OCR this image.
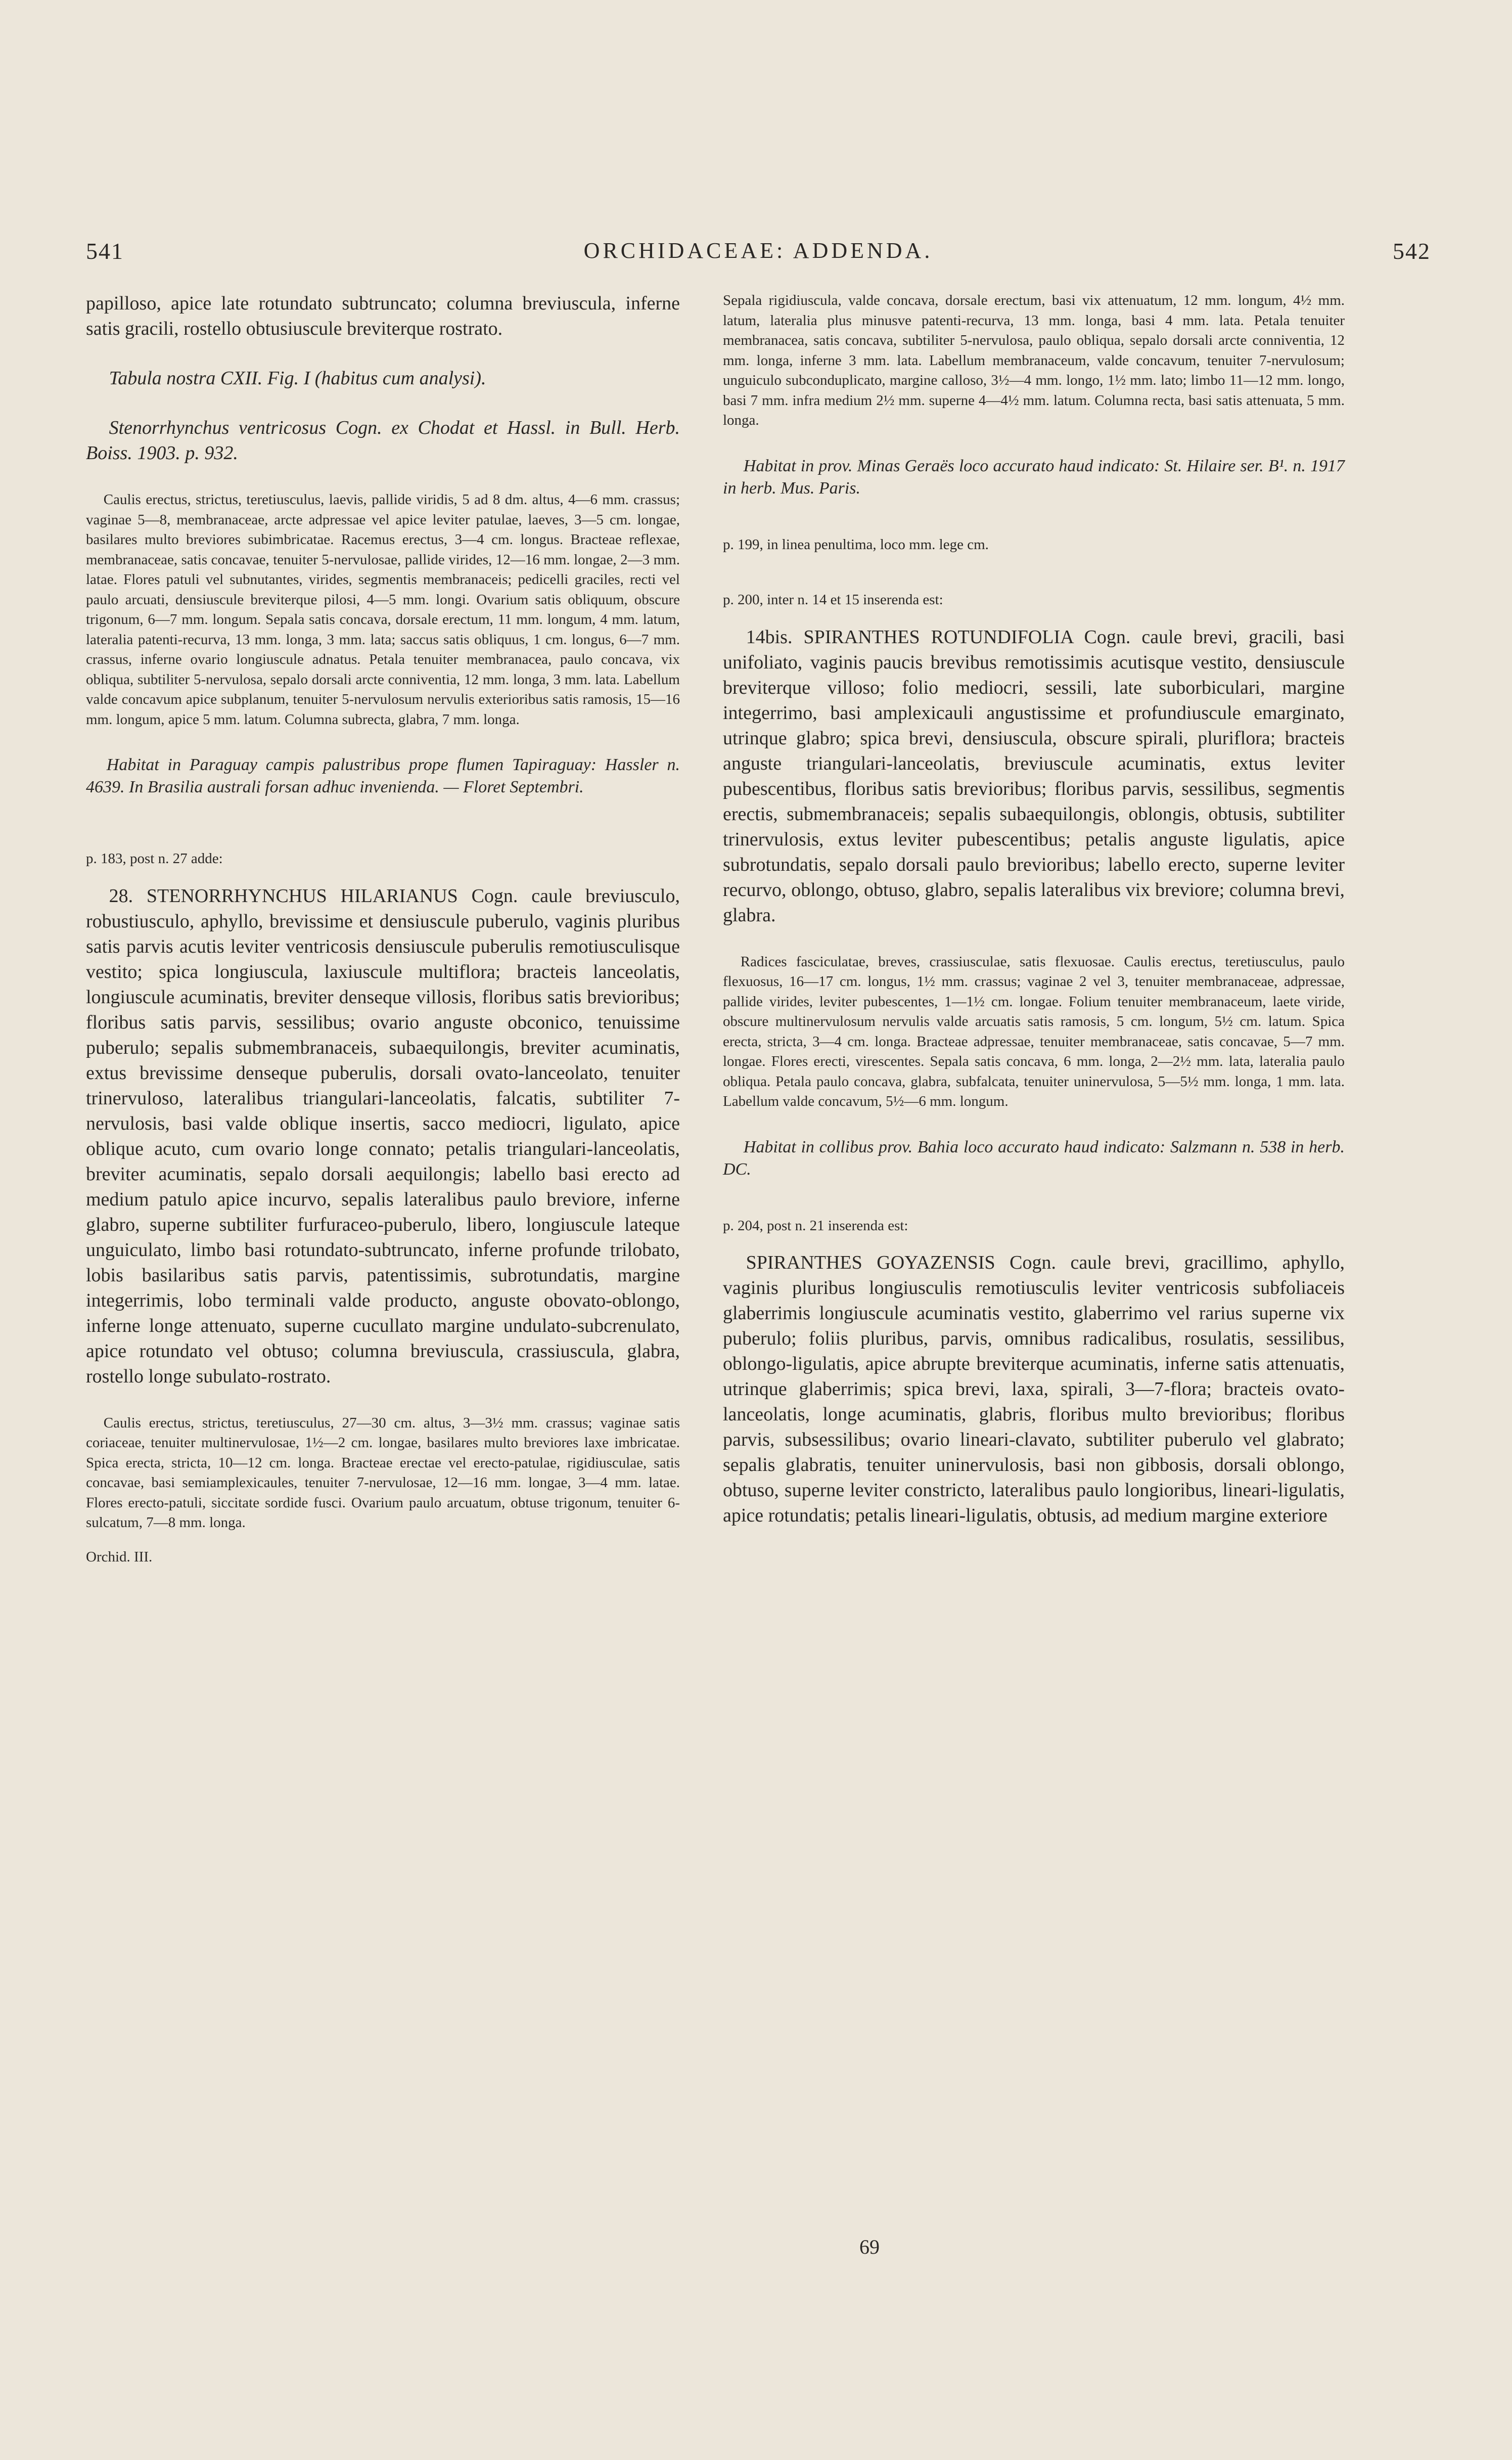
541	ORCHIDACEAE: ADDENDA.	542

papilloso, apice late rotundato subtruncato; columna breviuscula, inferne satis gracili, rostello obtusiuscule breviterque rostrato.

Tabula nostra CXII. Fig. I (habitus cum analysi).

Stenorrhynchus ventricosus Cogn. ex Chodat et Hassl. in Bull. Herb. Boiss. 1903. p. 932.

Caulis erectus, strictus, teretiusculus, laevis, pallide viridis, 5 ad 8 dm. altus, 4—6 mm. crassus; vaginae 5—8, membranaceae, arcte adpressae vel apice leviter patulae, laeves, 3—5 cm. longae, basilares multo breviores subimbricatae. Racemus erectus, 3—4 cm. longus. Bracteae reflexae, membranaceae, satis concavae, tenuiter 5-nervulosae, pallide virides, 12—16 mm. longae, 2—3 mm. latae. Flores patuli vel subnutantes, virides, segmentis membranaceis; pedicelli graciles, recti vel paulo arcuati, densiuscule breviterque pilosi, 4—5 mm. longi. Ovarium satis obliquum, obscure trigonum, 6—7 mm. longum. Sepala satis concava, dorsale erectum, 11 mm. longum, 4 mm. latum, lateralia patenti-recurva, 13 mm. longa, 3 mm. lata; saccus satis obliquus, 1 cm. longus, 6—7 mm. crassus, inferne ovario longiuscule adnatus. Petala tenuiter membranacea, paulo concava, vix obliqua, subtiliter 5-nervulosa, sepalo dorsali arcte conniventia, 12 mm. longa, 3 mm. lata. Labellum valde concavum apice subplanum, tenuiter 5-nervulosum nervulis exterioribus satis ramosis, 15—16 mm. longum, apice 5 mm. latum. Columna subrecta, glabra, 7 mm. longa.

Habitat in Paraguay campis palustribus prope flumen Tapiraguay: Hassler n. 4639. In Brasilia australi forsan adhuc invenienda. — Floret Septembri.

p. 183, post n. 27 adde:

28. STENORRHYNCHUS HILARIANUS Cogn. caule breviusculo, robustiusculo, aphyllo, brevissime et densiuscule puberulo, vaginis pluribus satis parvis acutis leviter ventricosis densiuscule puberulis remotiusculisque vestito; spica longiuscula, laxiuscule multiflora; bracteis lanceolatis, longiuscule acuminatis, breviter denseque villosis, floribus satis brevioribus; floribus satis parvis, sessilibus; ovario anguste obconico, tenuissime puberulo; sepalis submembranaceis, subaequilongis, breviter acuminatis, extus brevissime denseque puberulis, dorsali ovato-lanceolato, tenuiter trinervuloso, lateralibus triangulari-lanceolatis, falcatis, subtiliter 7-nervulosis, basi valde oblique insertis, sacco mediocri, ligulato, apice oblique acuto, cum ovario longe connato; petalis triangulari-lanceolatis, breviter acuminatis, sepalo dorsali aequilongis; labello basi erecto ad medium patulo apice incurvo, sepalis lateralibus paulo breviore, inferne glabro, superne subtiliter furfuraceo-puberulo, libero, longiuscule lateque unguiculato, limbo basi rotundato-subtruncato, inferne profunde trilobato, lobis basilaribus satis parvis, patentissimis, subrotundatis, margine integerrimis, lobo terminali valde producto, anguste obovato-oblongo, inferne longe attenuato, superne cucullato margine undulato-subcrenulato, apice rotundato vel obtuso; columna breviuscula, crassiuscula, glabra, rostello longe subulato-rostrato.

Caulis erectus, strictus, teretiusculus, 27—30 cm. altus, 3—3½ mm. crassus; vaginae satis coriaceae, tenuiter multinervulosae, 1½—2 cm. longae, basilares multo breviores laxe imbricatae. Spica erecta, stricta, 10—12 cm. longa. Bracteae erectae vel erecto-patulae, rigidiusculae, satis concavae, basi semiamplexicaules, tenuiter 7-nervulosae, 12—16 mm. longae, 3—4 mm. latae. Flores erecto-patuli, siccitate sordide fusci. Ovarium paulo arcuatum, obtuse trigonum, tenuiter 6-sulcatum, 7—8 mm. longa.

Orchid. III.

Sepala rigidiuscula, valde concava, dorsale erectum, basi vix attenuatum, 12 mm. longum, 4½ mm. latum, lateralia plus minusve patenti-recurva, 13 mm. longa, basi 4 mm. lata. Petala tenuiter membranacea, satis concava, subtiliter 5-nervulosa, paulo obliqua, sepalo dorsali arcte conniventia, 12 mm. longa, inferne 3 mm. lata. Labellum membranaceum, valde concavum, tenuiter 7-nervulosum; unguiculo subconduplicato, margine calloso, 3½—4 mm. longo, 1½ mm. lato; limbo 11—12 mm. longo, basi 7 mm. infra medium 2½ mm. superne 4—4½ mm. latum. Columna recta, basi satis attenuata, 5 mm. longa.

Habitat in prov. Minas Geraës loco accurato haud indicato: St. Hilaire ser. B¹. n. 1917 in herb. Mus. Paris.

p. 199, in linea penultima, loco mm. lege cm.

p. 200, inter n. 14 et 15 inserenda est:

14bis. SPIRANTHES ROTUNDIFOLIA Cogn. caule brevi, gracili, basi unifoliato, vaginis paucis brevibus remotissimis acutisque vestito, densiuscule breviterque villoso; folio mediocri, sessili, late suborbiculari, margine integerrimo, basi amplexicauli angustissime et profundiuscule emarginato, utrinque glabro; spica brevi, densiuscula, obscure spirali, pluriflora; bracteis anguste triangulari-lanceolatis, breviuscule acuminatis, extus leviter pubescentibus, floribus satis brevioribus; floribus parvis, sessilibus, segmentis erectis, submembranaceis; sepalis subaequilongis, oblongis, obtusis, subtiliter trinervulosis, extus leviter pubescentibus; petalis anguste ligulatis, apice subrotundatis, sepalo dorsali paulo brevioribus; labello erecto, superne leviter recurvo, oblongo, obtuso, glabro, sepalis lateralibus vix breviore; columna brevi, glabra.

Radices fasciculatae, breves, crassiusculae, satis flexuosae. Caulis erectus, teretiusculus, paulo flexuosus, 16—17 cm. longus, 1½ mm. crassus; vaginae 2 vel 3, tenuiter membranaceae, adpressae, pallide virides, leviter pubescentes, 1—1½ cm. longae. Folium tenuiter membranaceum, laete viride, obscure multinervulosum nervulis valde arcuatis satis ramosis, 5 cm. longum, 5½ cm. latum. Spica erecta, stricta, 3—4 cm. longa. Bracteae adpressae, tenuiter membranaceae, satis concavae, 5—7 mm. longae. Flores erecti, virescentes. Sepala satis concava, 6 mm. longa, 2—2½ mm. lata, lateralia paulo obliqua. Petala paulo concava, glabra, subfalcata, tenuiter uninervulosa, 5—5½ mm. longa, 1 mm. lata. Labellum valde concavum, 5½—6 mm. longum.

Habitat in collibus prov. Bahia loco accurato haud indicato: Salzmann n. 538 in herb. DC.

p. 204, post n. 21 inserenda est:

SPIRANTHES GOYAZENSIS Cogn. caule brevi, gracillimo, aphyllo, vaginis pluribus longiusculis remotiusculis leviter ventricosis subfoliaceis glaberrimis longiuscule acuminatis vestito, glaberrimo vel rarius superne vix puberulo; foliis pluribus, parvis, omnibus radicalibus, rosulatis, sessilibus, oblongo-ligulatis, apice abrupte breviterque acuminatis, inferne satis attenuatis, utrinque glaberrimis; spica brevi, laxa, spirali, 3—7-flora; bracteis ovato-lanceolatis, longe acuminatis, glabris, floribus multo brevioribus; floribus parvis, subsessilibus; ovario lineari-clavato, subtiliter puberulo vel glabrato; sepalis glabratis, tenuiter uninervulosis, basi non gibbosis, dorsali oblongo, obtuso, superne leviter constricto, lateralibus paulo longioribus, lineari-ligulatis, apice rotundatis; petalis lineari-ligulatis, obtusis, ad medium margine exteriore

69
